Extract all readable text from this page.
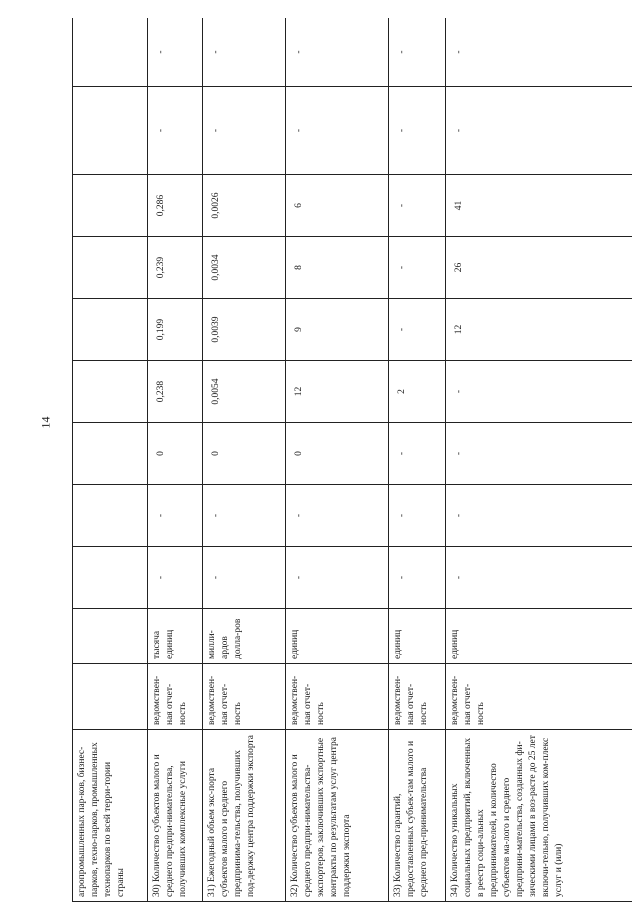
14
агропромышленных пар-ков, бизнес-парков, техно-парков, промышленных технопарков по всей терри-тории страны											
30) Количество субъектов малого и среднего предпри-нимательства, получивших комплексные услуги	ведомствен-ная отчет-ность	тысяча единиц	-	-	0	0,238	0,199	0,239	0,286	-	-
31) Ежегодный объем экс-порта субъектов малого и среднего предпринима-тельства, получивших под-держку центра поддержки экспорта	ведомствен-ная отчет-ность	милли-ардов долла-ров	-	-	0	0,0054	0,0039	0,0034	0,0026	-	-
32) Количество субъектов малого и среднего предпри-нимательства-экспортеров, заключивших экспортные контракты по результатам услуг центра поддержки экспорта	ведомствен-ная отчет-ность	единиц	-	-	0	12	9	8	6	-	-
33) Количество гарантий, предоставленных субъек-там малого и среднего пред-принимательства	ведомствен-ная отчет-ность	единиц	-	-	-	2	-	-	-	-	-
34) Количество уникальных социальных предприятий, включенных в реестр соци-альных предпринимателей, и количество субъектов ма-лого и среднего предприни-мательства, созданных фи-зическими лицами в воз-расте до 25 лет включи-тельно, получивших ком-плекс услуг и (или)	ведомствен-ная отчет-ность	единиц	-	-	-	-	12	26	41	-	-
